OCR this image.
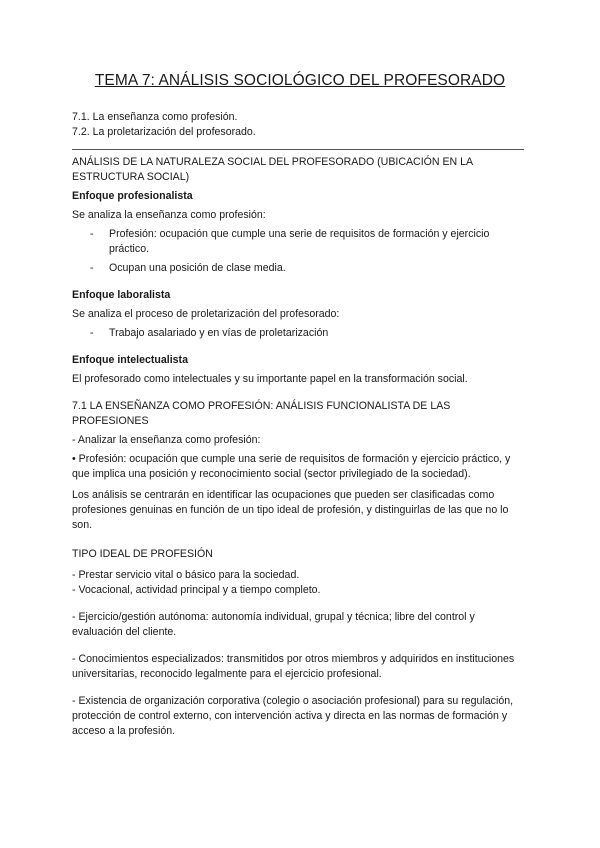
TEMA 7: ANÁLISIS SOCIOLÓGICO DEL PROFESORADO

7.1. La enseñanza como profesión.

7.2. La proletarización del profesorado.

ANÁLISIS DE LA NATURALEZA SOCIAL DEL PROFESORADO (UBICACIÓN EN LA ESTRUCTURA SOCIAL)

Enfoque profesionalista

Se analiza la enseñanza como profesión:

- Profesión: ocupación que cumple una serie de requisitos de formación y ejercicio práctico.
- Ocupan una posición de clase media.

Enfoque laboralista

Se analiza el proceso de proletarización del profesorado:

- Trabajo asalariado y en vías de proletarización

Enfoque intelectualista

El profesorado como intelectuales y su importante papel en la transformación social.

7.1 LA ENSEÑANZA COMO PROFESIÓN: ANÁLISIS FUNCIONALISTA DE LAS PROFESIONES

- Analizar la enseñanza como profesión:

• Profesión: ocupación que cumple una serie de requisitos de formación y ejercicio práctico, y que implica una posición y reconocimiento social (sector privilegiado de la sociedad).

Los análisis se centrarán en identificar las ocupaciones que pueden ser clasificadas como profesiones genuinas en función de un tipo ideal de profesión, y distinguirlas de las que no lo son.

TIPO IDEAL DE PROFESIÓN

- Prestar servicio vital o básico para la sociedad.

- Vocacional, actividad principal y a tiempo completo.

- Ejercicio/gestión autónoma: autonomía individual, grupal y técnica; libre del control y evaluación del cliente.

- Conocimientos especializados: transmitidos por otros miembros y adquiridos en instituciones universitarias, reconocido legalmente para el ejercicio profesional.

- Existencia de organización corporativa (colegio o asociación profesional) para su regulación, protección de control externo, con intervención activa y directa en las normas de formación y acceso a la profesión.
